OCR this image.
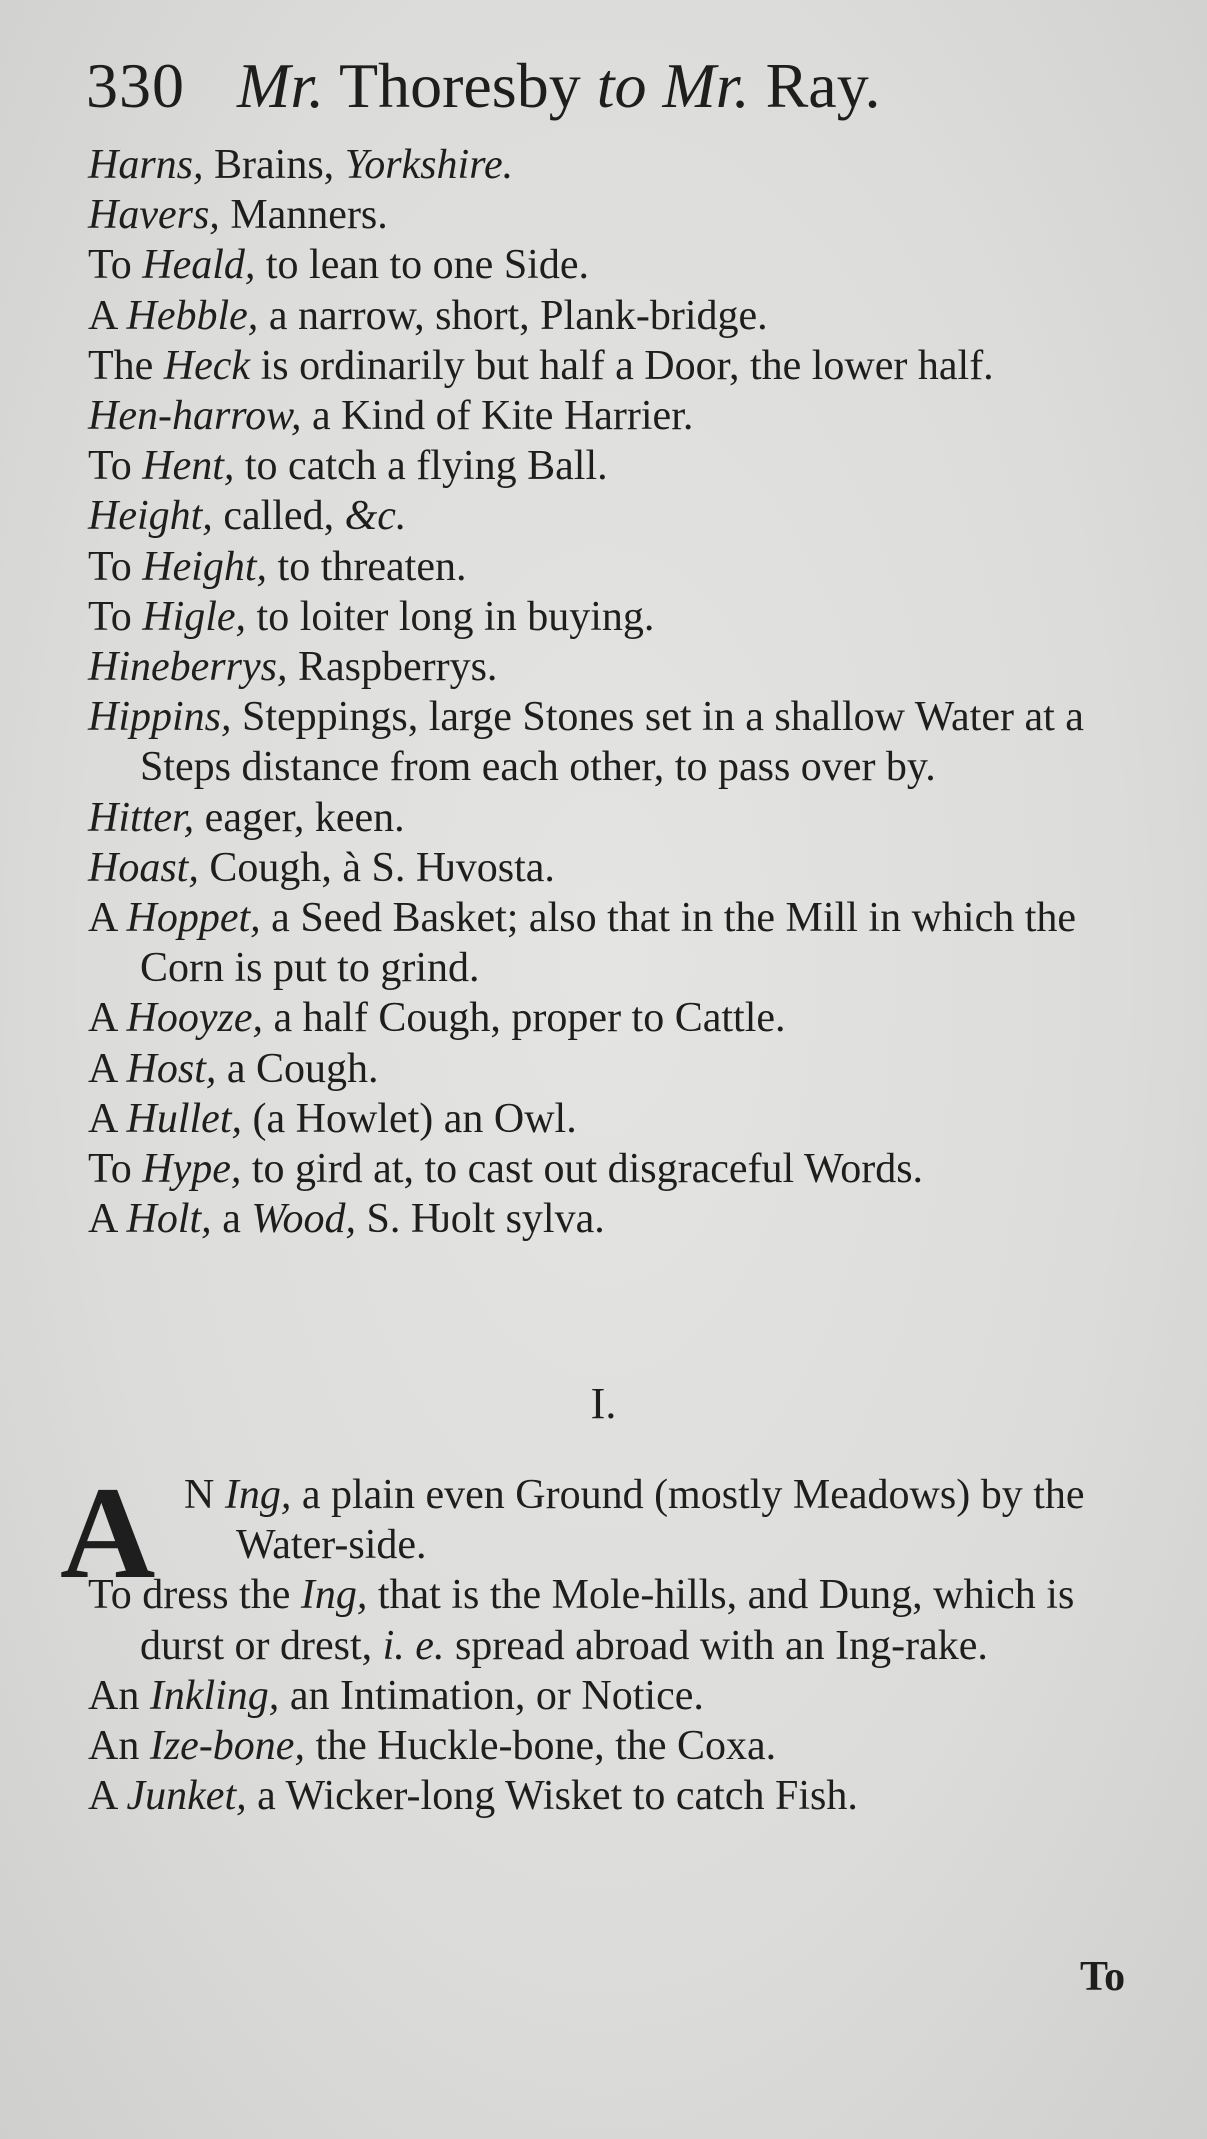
330 Mr. Thoresby to Mr. Ray.
Harns, Brains, Yorkshire.
Havers, Manners.
To Heald, to lean to one Side.
A Hebble, a narrow, short, Plank-bridge.
The Heck is ordinarily but half a Door, the lower half.
Hen-harrow, a Kind of Kite Harrier.
To Hent, to catch a flying Ball.
Height, called, &c.
To Height, to threaten.
To Higle, to loiter long in buying.
Hineberrys, Raspberrys.
Hippins, Steppings, large Stones set in a shallow Water at a Steps distance from each other, to pass over by.
Hitter, eager, keen.
Hoast, Cough, à S. Ƕvosta.
A Hoppet, a Seed Basket; also that in the Mill in which the Corn is put to grind.
A Hooyze, a half Cough, proper to Cattle.
A Host, a Cough.
A Hullet, (a Howlet) an Owl.
To Hype, to gird at, to cast out disgraceful Words.
A Holt, a Wood, S. Ƕolt sylva.
I.
A N Ing, a plain even Ground (mostly Meadows) by the Water-side.
To dress the Ing, that is the Mole-hills, and Dung, which is durst or drest, i. e. spread abroad with an Ing-rake.
An Inkling, an Intimation, or Notice.
An Ize-bone, the Huckle-bone, the Coxa.
A Junket, a Wicker-long Wisket to catch Fish.
To
